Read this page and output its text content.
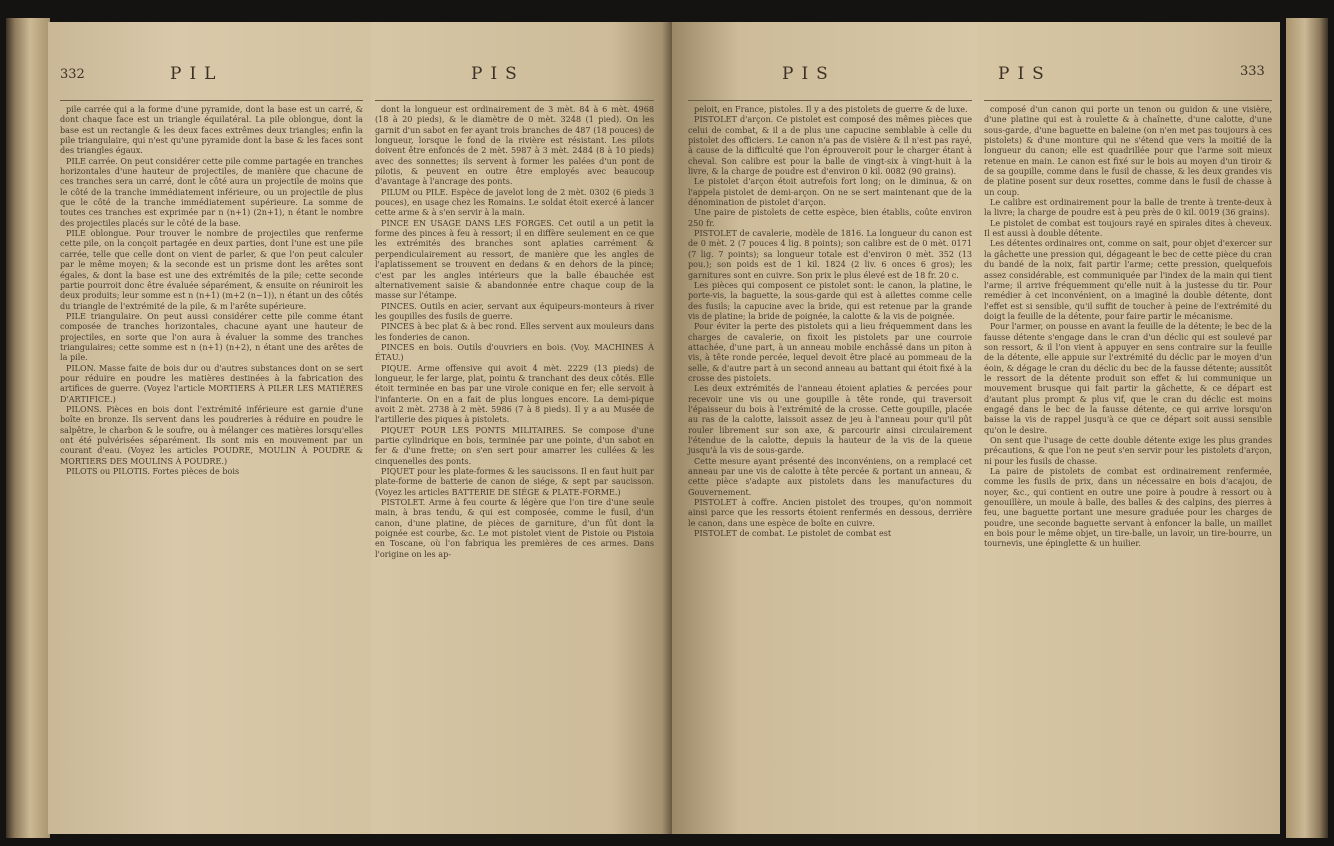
332	PIL

pile carrée qui a la forme d'une pyramide, dont la base est un carré, & dont chaque face est un triangle équilatéral. La pile oblongue, dont la base est un rectangle & les deux faces extrêmes deux triangles; enfin la pile triangulaire, qui n'est qu'une pyramide dont la base & les faces sont des triangles égaux.

PILE carrée. On peut considérer cette pile comme partagée en tranches horizontales d'une hauteur de projectiles, de manière que chacune de ces tranches sera un carré, dont le côté aura un projectile de moins que le côté de la tranche immédiatement inférieure, ou un projectile de plus que le côté de la tranche immédiatement supérieure. La somme de toutes ces tranches est exprimée par n (n+1) (2n+1), n étant le nombre des projectiles placés sur le côté de la base.

PILE oblongue. Pour trouver le nombre de projectiles que renferme cette pile, on la conçoit partagée en deux parties, dont l'une est une pile carrée, telle que celle dont on vient de parler, & que l'on peut calculer par le même moyen; & la seconde est un prisme dont les arêtes sont égales, & dont la base est une des extrémités de la pile; cette seconde partie pourroit donc être évaluée séparément, & ensuite on réuniroit les deux produits; leur somme est n (n+1) (m+2 (n−1)), n étant un des côtés du triangle de l'extrémité de la pile, & m l'arête supérieure.

PILE triangulaire. On peut aussi considérer cette pile comme étant composée de tranches horizontales, chacune ayant une hauteur de projectiles, en sorte que l'on aura à évaluer la somme des tranches triangulaires; cette somme est n (n+1) (n+2), n étant une des arêtes de la pile.

PILON. Masse faite de bois dur ou d'autres substances dont on se sert pour réduire en poudre les matières destinées à la fabrication des artifices de guerre. (Voyez l'article MORTIERS À PILER LES MATIÈRES D'ARTIFICE.)

PILONS. Pièces en bois dont l'extrémité inférieure est garnie d'une boîte en bronze. Ils servent dans les poudreries à réduire en poudre le salpêtre, le charbon & le soufre, ou à mélanger ces matières lorsqu'elles ont été pulvérisées séparément. Ils sont mis en mouvement par un courant d'eau. (Voyez les articles POUDRE, MOULIN À POUDRE & MORTIERS DES MOULINS À POUDRE.)

PILOTS ou PILOTIS. Fortes pièces de bois

PIS

dont la longueur est ordinairement de 3 mèt. 84 à 6 mèt. 4968 (18 à 20 pieds), & le diamètre de 0 mèt. 3248 (1 pied). On les garnit d'un sabot en fer ayant trois branches de 487 (18 pouces) de longueur, lorsque le fond de la rivière est résistant. Les pilots doivent être enfoncés de 2 mèt. 5987 à 3 mèt. 2484 (8 à 10 pieds) avec des sonnettes; ils servent à former les palées d'un pont de pilotis, & peuvent en outre être employés avec beaucoup d'avantage à l'ancrage des ponts.

PILUM ou PILE. Espèce de javelot long de 2 mèt. 0302 (6 pieds 3 pouces), en usage chez les Romains. Le soldat étoit exercé à lancer cette arme & à s'en servir à la main.

PINCE EN USAGE DANS LES FORGES. Cet outil a un petit la forme des pinces à feu à ressort; il en diffère seulement en ce que les extrémités des branches sont aplaties carrément & perpendiculairement au ressort, de manière que les angles de l'aplatissement se trouvent en dedans & en dehors de la pince; c'est par les angles intérieurs que la balle ébauchée est alternativement saisie & abandonnée entre chaque coup de la masse sur l'étampe.

PINCES. Outils en acier, servant aux équipeurs-monteurs à river les goupilles des fusils de guerre.

PINCES à bec plat & à bec rond. Elles servent aux mouleurs dans les fonderies de canon.

PINCES en bois. Outils d'ouvriers en bois. (Voy. MACHINES À ÉTAU.)

PIQUE. Arme offensive qui avoit 4 mèt. 2229 (13 pieds) de longueur, le fer large, plat, pointu & tranchant des deux côtés. Elle étoit terminée en bas par une virole conique en fer; elle servoit à l'infanterie. On en a fait de plus longues encore. La demi-pique avoit 2 mèt. 2738 à 2 mèt. 5986 (7 à 8 pieds). Il y a au Musée de l'artillerie des piques à pistolets.

PIQUET POUR LES PONTS MILITAIRES. Se compose d'une partie cylindrique en bois, terminée par une pointe, d'un sabot en fer & d'une frette; on s'en sert pour amarrer les cullées & les cinquenelles des ponts.

PIQUET pour les plate-formes & les saucissons. Il en faut huit par plate-forme de batterie de canon de siége, & sept par saucisson. (Voyez les articles BATTERIE DE SIÉGE & PLATE-FORME.)

PISTOLET. Arme à feu courte & légère que l'on tire d'une seule main, à bras tendu, & qui est composée, comme le fusil, d'un canon, d'une platine, de pièces de garniture, d'un fût dont la poignée est courbe, &c. Le mot pistolet vient de Pistoie ou Pistoia en Toscane, où l'on fabriqua les premières de ces armes. Dans l'origine on les ap-

PIS

peloit, en France, pistoles. Il y a des pistolets de guerre & de luxe.

PISTOLET d'arçon. Ce pistolet est composé des mêmes pièces que celui de combat, & il a de plus une capucine semblable à celle du pistolet des officiers. Le canon n'a pas de visière & il n'est pas rayé, à cause de la difficulté que l'on éprouveroit pour le charger étant à cheval. Son calibre est pour la balle de vingt-six à vingt-huit à la livre, & la charge de poudre est d'environ 0 kil. 0082 (90 grains).

Le pistolet d'arçon étoit autrefois fort long; on le diminua, & on l'appela pistolet de demi-arçon. On ne se sert maintenant que de la dénomination de pistolet d'arçon.

Une paire de pistolets de cette espèce, bien établis, coûte environ 250 fr.

PISTOLET de cavalerie, modèle de 1816. La longueur du canon est de 0 mèt. 2 (7 pouces 4 lig. 8 points); son calibre est de 0 mèt. 0171 (7 lig. 7 points); sa longueur totale est d'environ 0 mèt. 352 (13 pou.); son poids est de 1 kil. 1824 (2 liv. 6 onces 6 gros); les garnitures sont en cuivre. Son prix le plus élevé est de 18 fr. 20 c.

Les pièces qui composent ce pistolet sont: le canon, la platine, le porte-vis, la baguette, la sous-garde qui est à ailettes comme celle des fusils; la capucine avec la bride, qui est retenue par la grande vis de platine; la bride de poignée, la calotte & la vis de poignée.

Pour éviter la perte des pistolets qui a lieu fréquemment dans les charges de cavalerie, on fixoit les pistolets par une courroie attachée, d'une part, à un anneau mobile enchâssé dans un piton à vis, à tête ronde percée, lequel devoit être placé au pommeau de la selle, & d'autre part à un second anneau au battant qui étoit fixé à la crosse des pistolets.

Les deux extrémités de l'anneau étoient aplaties & percées pour recevoir une vis ou une goupille à tête ronde, qui traversoit l'épaisseur du bois à l'extrémité de la crosse. Cette goupille, placée au ras de la calotte, laissoit assez de jeu à l'anneau pour qu'il pût rouler librement sur son axe, & parcourir ainsi circulairement l'étendue de la calotte, depuis la hauteur de la vis de la queue jusqu'à la vis de sous-garde.

Cette mesure ayant présenté des inconvéniens, on a remplacé cet anneau par une vis de calotte à tête percée & portant un anneau, & cette pièce s'adapte aux pistolets dans les manufactures du Gouvernement.

PISTOLET à coffre. Ancien pistolet des troupes, qu'on nommoit ainsi parce que les ressorts étoient renfermés en dessous, derrière le canon, dans une espèce de boîte en cuivre.

PISTOLET de combat. Le pistolet de combat est

PIS	333

composé d'un canon qui porte un tenon ou guidon & une visière, d'une platine qui est à roulette & à chaînette, d'une calotte, d'une sous-garde, d'une baguette en baleine (on n'en met pas toujours à ces pistolets) & d'une monture qui ne s'étend que vers la moitié de la longueur du canon; elle est quadrillée pour que l'arme soit mieux retenue en main. Le canon est fixé sur le bois au moyen d'un tiroir & de sa goupille, comme dans le fusil de chasse, & les deux grandes vis de platine posent sur deux rosettes, comme dans le fusil de chasse à un coup.

Le calibre est ordinairement pour la balle de trente à trente-deux à la livre; la charge de poudre est à peu près de 0 kil. 0019 (36 grains).

Le pistolet de combat est toujours rayé en spirales dites à cheveux. Il est aussi à double détente.

Les détentes ordinaires ont, comme on sait, pour objet d'exercer sur la gâchette une pression qui, dégageant le bec de cette pièce du cran du bandé de la noix, fait partir l'arme; cette pression, quelquefois assez considérable, est communiquée par l'index de la main qui tient l'arme; il arrive fréquemment qu'elle nuit à la justesse du tir. Pour remédier à cet inconvénient, on a imaginé la double détente, dont l'effet est si sensible, qu'il suffit de toucher à peine de l'extrémité du doigt la feuille de la détente, pour faire partir le mécanisme.

Pour l'armer, on pousse en avant la feuille de la détente; le bec de la fausse détente s'engage dans le cran d'un déclic qui est soulevé par son ressort, & il l'on vient à appuyer en sens contraire sur la feuille de la détente, elle appuie sur l'extrémité du déclic par le moyen d'un éoin, & dégage le cran du déclic du bec de la fausse détente; aussitôt le ressort de la détente produit son effet & lui communique un mouvement brusque qui fait partir la gâchette, & ce départ est d'autant plus prompt & plus vif, que le cran du déclic est moins engagé dans le bec de la fausse détente, ce qui arrive lorsqu'on baisse la vis de rappel jusqu'à ce que ce départ soit aussi sensible qu'on le desire.

On sent que l'usage de cette double détente exige les plus grandes précautions, & que l'on ne peut s'en servir pour les pistolets d'arçon, ni pour les fusils de chasse.

La paire de pistolets de combat est ordinairement renfermée, comme les fusils de prix, dans un nécessaire en bois d'acajou, de noyer, &c., qui contient en outre une poire à poudre à ressort ou à genouillère, un moule à balle, des balles & des calpins, des pierres à feu, une baguette portant une mesure graduée pour les charges de poudre, une seconde baguette servant à enfoncer la balle, un maillet en bois pour le même objet, un tire-balle, un lavoir, un tire-bourre, un tournevis, une épinglette & un huilier.
